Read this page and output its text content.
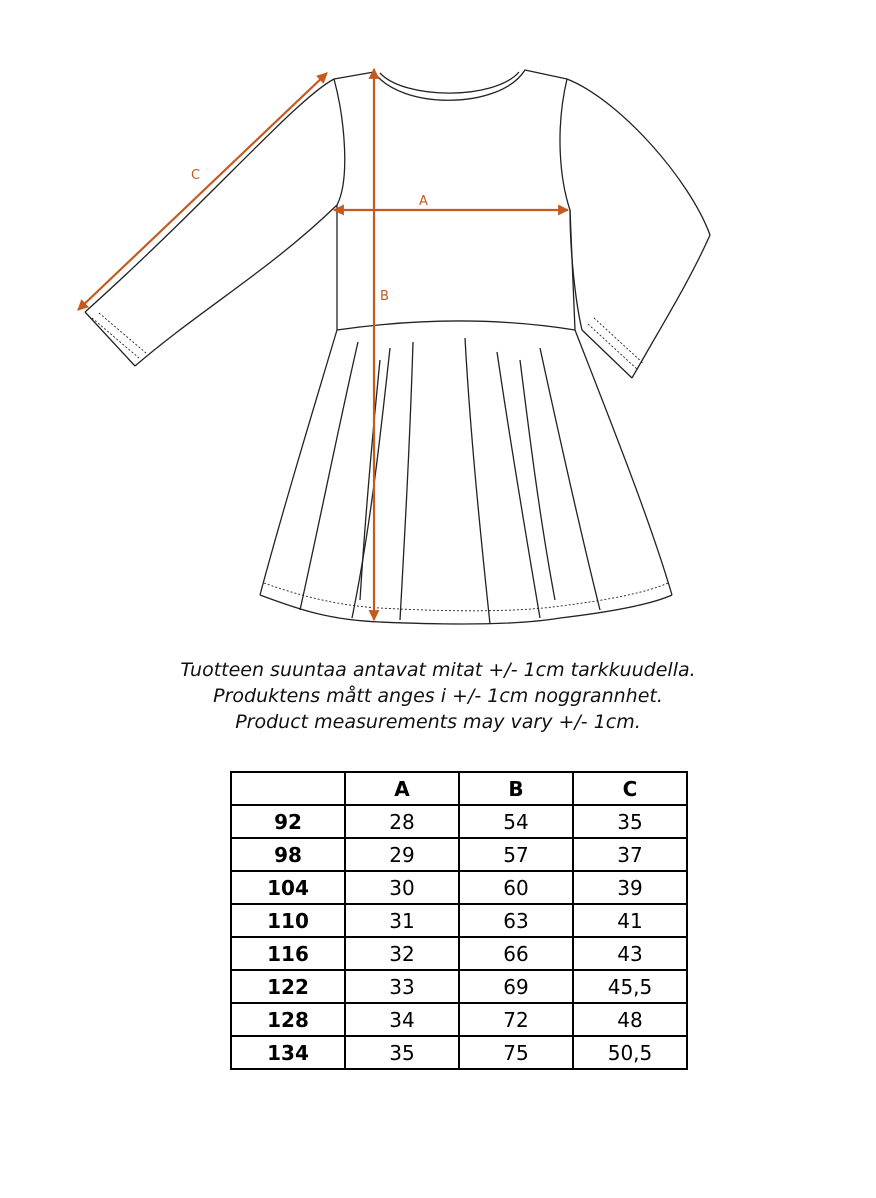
C
A
B

Tuotteen suuntaa antavat mitat +/- 1cm tarkkuudella.

Produktens mått anges i +/- 1cm noggrannhet.

Product measurements may vary +/- 1cm.

	A	B	C
92	28	54	35
98	29	57	37
104	30	60	39
110	31	63	41
116	32	66	43
122	33	69	45,5
128	34	72	48
134	35	75	50,5
